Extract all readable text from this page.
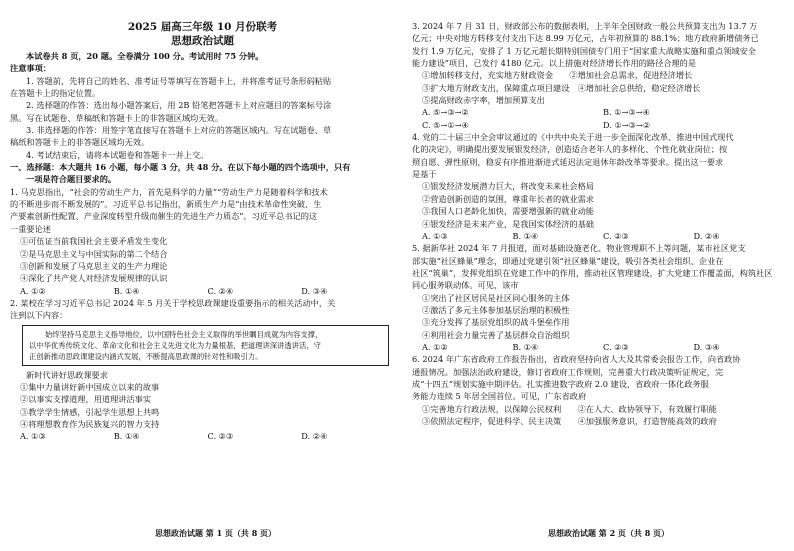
2025 届高三年级 10 月份联考
思想政治试题
本试卷共 8 页，20 题。全卷满分 100 分。考试用时 75 分钟。
注意事项：
1. 答题前，先将自己的姓名、准考证号等填写在答题卡上，并将准考证号条形码粘贴
在答题卡上的指定位置。
2. 选择题的作答：选出每小题答案后，用 2B 铅笔把答题卡上对应题目的答案标号涂
黑。写在试题卷、草稿纸和答题卡上的非答题区域均无效。
3. 非选择题的作答：用签字笔直接写在答题卡上对应的答题区域内。写在试题卷、草
稿纸和答题卡上的非答题区域均无效。
4. 考试结束后，请将本试题卷和答题卡一并上交。
一、选择题：本大题共 16 小题，每小题 3 分，共 48 分。在以下每小题的四个选项中，只有
一项是符合题目要求的。
1. 马克思指出，“社会的劳动生产力，首先是科学的力量”“劳动生产力是随着科学和技术
的不断进步而不断发展的”。习近平总书记指出，新质生产力是“由技术革命性突破、生
产要素创新性配置、产业深度转型升级而催生的先进生产力质态”。习近平总书记的这
一重要论述
①可伍证当前我国社会主要矛盾发生变化
②是马克思主义与中国实际的第二个结合
③创新和发展了马克思主义的生产力理论
④深化了共产党人对经济发展规律的认识
A. ①②	B. ①④	C. ②④	D. ③④
2. 某校在学习习近平总书记 2024 年 5 月关于学校思政课建设重要指示的相关活动中，关
注到以下内容：
始终坚持马克思主义指导地位，以中国特色社会主义取得的举世瞩目成就为内容支撑，
以中华优秀传统文化、革命文化和社会主义先进文化为力量根基，把道理讲深讲透讲活，守
正创新推动思政课建设内涵式发展，不断提高思政课的针对性和吸引力。
新时代讲好思政课要求
①集中力量讲好新中国成立以来的故事
②以事实支撑道理，用道理讲活事实
③教学学生情感，引起学生思想上共鸣
④将理想教育作为民族复兴的智力支持
A. ①③	B. ①④	C. ②③	D. ②④
3. 2024 年 7 月 31 日，财政部公布的数据表明，上半年全国财政一般公共预算支出为 13.7 万
亿元；中央对地方转移支付支出下达 8.99 万亿元，占年初预算的 88.1%；地方政府新增债务已
发行 1.9 万亿元，安排了 1 万亿元超长期特别国债专门用于“国家重大战略实施和重点领域安全
能力建设”项目，已发行 4180 亿元。以上措施对经济增长作用的路径合理的是
①增加转移支付，充实地方财政资金　　②增加社会总需求，促进经济增长
③扩大地方财政支出，保障重点项目建设　④增加社会总供给，稳定经济增长
⑤提高财政赤字率，增加预算支出
A. ⑤→③→②	B. ①→③→④
C. ⑤→①→④	D. ①→③→②
4. 党的二十届三中全会审议通过的《中共中央关于进一步全面深化改革、推进中国式现代
化的决定》，明确提出要发展银发经济，创造适合老年人的多样化、个性化就业岗位；按
照自愿、弹性原则，稳妥有序推进渐进式延迟法定退休年龄改革等要求。提出这一要求
是基于
①银发经济发展潜力巨大，将改变未来社会格局
②营造创新创造的氛围，尊重年长者的就业需求
③我国人口老龄化加快，需要增强新的就业动能
④银发经济是未来产业，是我国实体经济的基础
A. ①③	B. ①④	C. ②③	D. ②④
5. 据新华社 2024 年 7 月报道，面对基础设施老化、物业管理职不上等问题，某市社区党支
部实施“社区蜂巢”理念，即通过党建引领“社区蜂巢”建设，吸引各类社会组织、企业在
社区“筑巢”，发挥党组织在党建工作中的作用，推动社区管理建设，扩大党建工作覆盖面，构筑社区
同心服务联动体。可见，该市
①突出了社区居民是社区同心服务的主体
②激活了多元主体参加基层治理的积极性
③充分发挥了基层党组织的战斗堡垒作用
④利用社会力量完善了基层群众自治组织
A. ①②	B. ①④	C. ②③	D. ③④
6. 2024 年广东省政府工作报告指出，省政府坚持向省人大及其常委会报告工作，向省政协
通报情况。加强法治政府建设，修订省政府工作规则，完善重大行政决策听证规定，完
成“十四五”规划实施中期评估。扎实推进数字政府 2.0 建设，省政府一体化政务服
务能力连续 5 年居全国首位。可见，广东省政府
①完善地方行政法规，以保障公民权利　　②在人大、政协领导下，有效履行职能
③依照法定程序，促进科学、民主决策　　④加强服务意识，打造智能高效的政府
思想政治试题 第 1 页（共 8 页）	思想政治试题 第 2 页（共 8 页）
